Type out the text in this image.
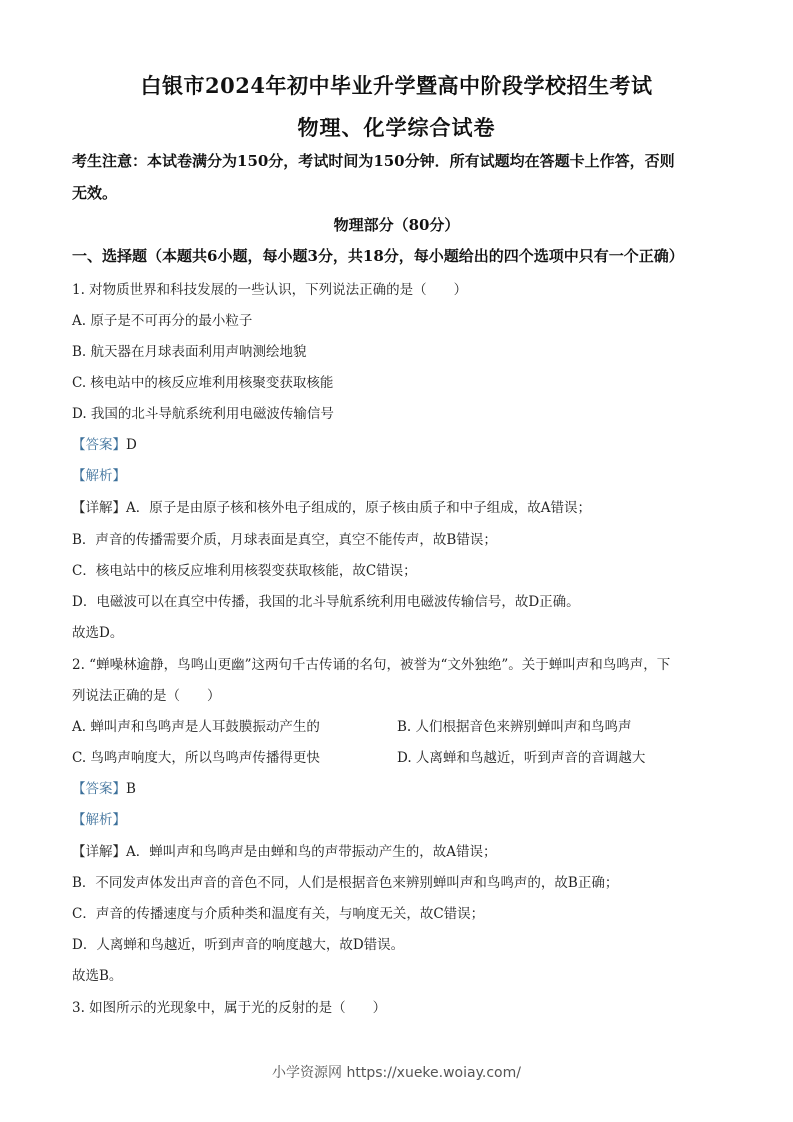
白银市2024年初中毕业升学暨高中阶段学校招生考试
物理、化学综合试卷
考生注意：本试卷满分为150分，考试时间为150分钟．所有试题均在答题卡上作答，否则
无效。
物理部分（80分）
一、选择题（本题共6小题，每小题3分，共18分，每小题给出的四个选项中只有一个正确）
1. 对物质世界和科技发展的一些认识，下列说法正确的是（　　）
A. 原子是不可再分的最小粒子
B. 航天器在月球表面利用声呐测绘地貌
C. 核电站中的核反应堆利用核聚变获取核能
D. 我国的北斗导航系统利用电磁波传输信号
【答案】D
【解析】
【详解】A．原子是由原子核和核外电子组成的，原子核由质子和中子组成，故A错误；
B．声音的传播需要介质，月球表面是真空，真空不能传声，故B错误；
C．核电站中的核反应堆利用核裂变获取核能，故C错误；
D．电磁波可以在真空中传播，我国的北斗导航系统利用电磁波传输信号，故D正确。
故选D。
2. “蝉噪林逾静，鸟鸣山更幽”这两句千古传诵的名句，被誉为“文外独绝”。关于蝉叫声和鸟鸣声，下
列说法正确的是（　　）
A. 蝉叫声和鸟鸣声是人耳鼓膜振动产生的	B. 人们根据音色来辨别蝉叫声和鸟鸣声
C. 鸟鸣声响度大，所以鸟鸣声传播得更快	D. 人离蝉和鸟越近，听到声音的音调越大
【答案】B
【解析】
【详解】A．蝉叫声和鸟鸣声是由蝉和鸟的声带振动产生的，故A错误；
B．不同发声体发出声音的音色不同，人们是根据音色来辨别蝉叫声和鸟鸣声的，故B正确；
C．声音的传播速度与介质种类和温度有关，与响度无关，故C错误；
D．人离蝉和鸟越近，听到声音的响度越大，故D错误。
故选B。
3. 如图所示的光现象中，属于光的反射的是（　　）
小学资源网 https://xueke.woiay.com/
